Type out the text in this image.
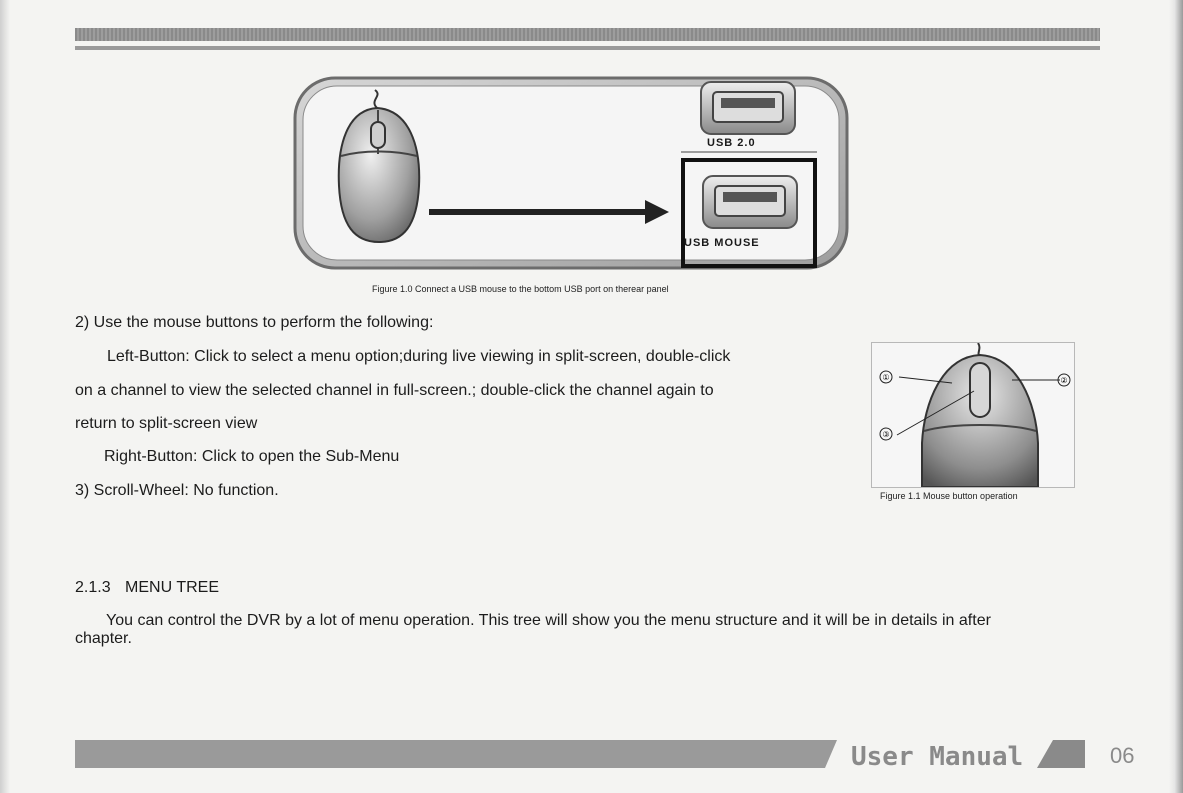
USB 2.0
USB MOUSE
Figure 1.0 Connect a USB mouse to the bottom USB port on therear panel
2) Use the mouse buttons to perform the following:
Left-Button: Click to select a menu option;during live viewing in split-screen, double-click
on a channel to view the selected channel in full-screen.; double-click the channel again to
return to split-screen view
Right-Button: Click to open the Sub-Menu
3) Scroll-Wheel: No function.
①	②
③
Figure 1.1 Mouse button operation
2.1.3 MENU TREE
You can control the DVR by a lot of menu operation. This tree will show you the menu structure and it will be in details in after
chapter.
User Manual	06
